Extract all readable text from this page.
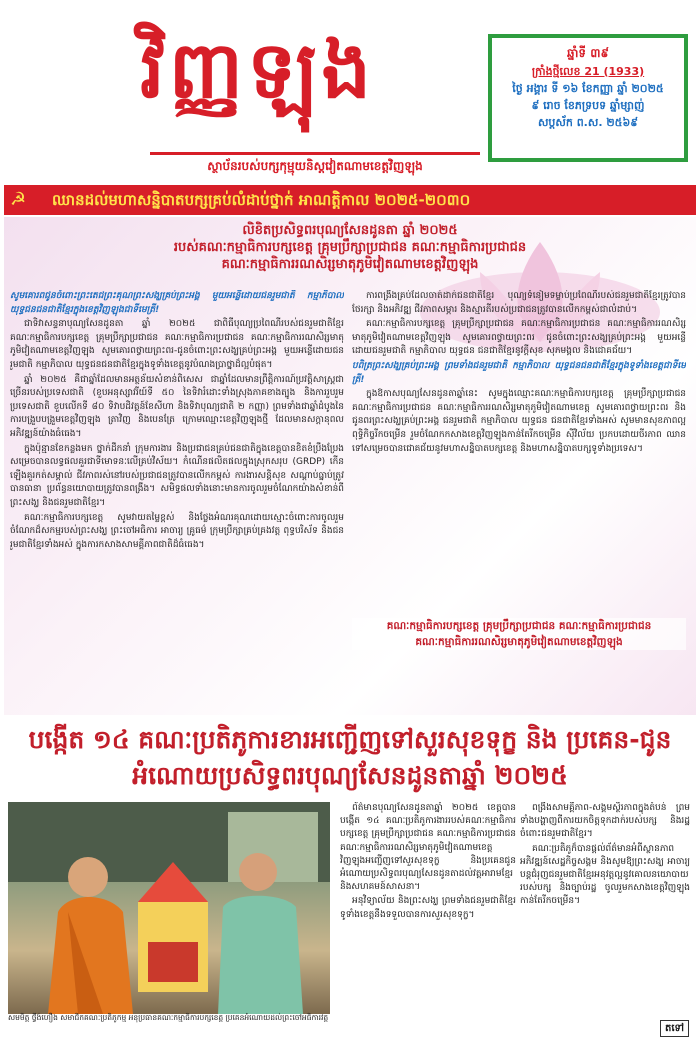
វិញ្ញឡុង
ស្ថាប័នរបស់បក្សកុម្មុយនិស្តវៀតណាមខេត្តវិញឡុង
ឆ្នាំទី ៣៩
ក្រាំងថ្មីលេខ 21 (1933)
ថ្ងៃ អង្គារ ទី ១៦ ខែកញ្ញា ឆ្នាំ ២០២៥
៩ រោច ខែភទ្របទ ឆ្នាំម្សាញ់
សប្តស័ក ព.ស. ២៥៦៩
ឈានដល់មហាសន្និបាតបក្សគ្រប់លំដាប់ថ្នាក់ អាណត្តិកាល ២០២៥-២០៣០
☭
លិខិតប្រសិទ្ធពរបុណ្យសែនដូនតា ឆ្នាំ ២០២៥
របស់គណៈកម្មាធិការបក្សខេត្ត គ្រុមប្រឹក្សាប្រជាជន គណៈកម្មាធិការប្រជាជន
គណៈកម្មាធិការរណសិរ្សមាតុភូមិវៀតណាមខេត្តវិញឡុង

សូមគោរពជូនចំពោះព្រះតេជព្រះគុណព្រះសង្ឃគ្រប់ព្រះអង្គ មួយអន្លើដោយជនរួមជាតិ កម្មាភិបាល យុទ្ធជនជនជាតិខ្មែរក្នុងខេត្តវិញឡុងជាទីមេត្រី!

ជាទិវាសន្ទនាបុណ្យសែនដូនតា ឆ្នាំ ២០២៥ ជាពិធីបុណ្យប្រពៃណីរបស់ជនរួមជាតិខ្មែរ គណៈកម្មាធិការបក្សខេត្ត គ្រុមប្រឹក្សាប្រជាជន គណៈកម្មាធិការប្រជាជន គណៈកម្មាធិការរណសិរ្សមាតុភូមិវៀតណាមខេត្តវិញឡុង សូមគោរពថ្វាយព្រះពរ-ជូនចំពោះព្រះសង្ឃគ្រប់ព្រះអង្គ មួយអន្លើដោយជនរួមជាតិ កម្មាភិបាល យុទ្ធជនជនជាតិខ្មែរក្នុងទូទាំងខេត្តនូវបំណងប្រាថ្នាដ៏ល្អបំផុត។

ឆ្នាំ ២០២៥ គឺជាឆ្នាំដែលមានអត្ថន័យសំខាន់ពិសេស ជាឆ្នាំដែលមានព្រឹត្តិការណ៍ប្រវត្តិសាស្ត្រជាច្រើនរបស់ប្រទេសជាតិ (ខួបអនុស្សាវរីយ៍ទី ៥០ នៃទិវារំដោះទាំងស្រុងភាគខាងត្បូង និងការរួបរួមប្រទេសជាតិ ខួបលើកទី ៨០ ទិវាបដិវត្តន៍ខែសីហា និងទិវាបុណ្យជាតិ ២ កញ្ញា) ព្រមទាំងជាឆ្នាំដំបូងនៃការបង្រួបបង្រួមខេត្តវិញឡុង ត្រាវិញ និងបេនត្រែ ក្រោមឈ្មោះខេត្តវិញឡុងថ្មី ដែលមានសក្តានុពលអភិវឌ្ឍន៍យ៉ាងធំធេង។

ក្នុងប៉ុន្មានខែកន្លងមក ថ្នាក់ដឹកនាំ ក្រុមការងារ និងប្រជាជនគ្រប់ជនជាតិក្នុងខេត្តបានខិតខំប្រឹងប្រែងសម្រេចបានលទ្ធផលគួរជាទីមោទនៈលើគ្រប់វិស័យ។ កំណើនផលិតផលក្នុងស្រុកសរុប (GRDP) កើនឡើងគួរកត់សម្គាល់ ជីវភាពរស់នៅរបស់ប្រជាជនត្រូវបានលើកកម្ពស់ ការងារសន្តិសុខ សណ្តាប់ធ្នាប់ត្រូវបានធានា ប្រព័ន្ធនយោបាយត្រូវបានពង្រឹង។ សមិទ្ធផលទាំងនោះមានការចូលរួមចំណែកយ៉ាងសំខាន់ពីព្រះសង្ឃ និងជនរួមជាតិខ្មែរ។

គណៈកម្មាធិការបក្សខេត្ត សូមវាយតម្លៃខ្ពស់ និងថ្លែងអំណរគុណដោយស្មោះចំពោះការចូលរួមចំណែកដ៏សកម្មរបស់ព្រះសង្ឃ ព្រះចៅអធិការ អាចារ្យ គ្រូធម៌ ក្រុមប្រឹក្សាគ្រប់គ្រងវត្ត ពុទ្ធបរិស័ទ និងជនរួមជាតិខ្មែរទាំងអស់ ក្នុងការកសាងសាមគ្គីភាពជាតិដ៏ធំធេង។

ការពង្រឹងគ្រប់ដែលចាត់ដាក់ជនជាតិខ្មែរ បុណ្យទំនៀមទម្លាប់ប្រពៃណីរបស់ជនរួមជាតិខ្មែរត្រូវបានថែរក្សា និងអភិវឌ្ឍ ជីវភាពសម្ភារ និងស្មារតីរបស់ប្រជាជនត្រូវបានលើកកម្ពស់ជាលំដាប់។

គណៈកម្មាធិការបក្សខេត្ត គ្រុមប្រឹក្សាប្រជាជន គណៈកម្មាធិការប្រជាជន គណៈកម្មាធិការរណសិរ្សមាតុភូមិវៀតណាមខេត្តវិញឡុង សូមគោរពថ្វាយព្រះពរ ជូនចំពោះព្រះសង្ឃគ្រប់ព្រះអង្គ មួយអន្លើដោយជនរួមជាតិ កម្មាភិបាល យុទ្ធជន ជនជាតិខ្មែរនូវក្តីសុខ សុភមង្គល និងជោគជ័យ។

បពិត្រព្រះសង្ឃគ្រប់ព្រះអង្គ ព្រមទាំងជនរួមជាតិ កម្មាភិបាល យុទ្ធជនជនជាតិខ្មែរក្នុងទូទាំងខេត្តជាទីមេត្រី!

ក្នុងឱកាសបុណ្យសែនដូនតាឆ្នាំនេះ សូមក្នុងឈ្មោះគណៈកម្មាធិការបក្សខេត្ត គ្រុមប្រឹក្សាប្រជាជន គណៈកម្មាធិការប្រជាជន គណៈកម្មាធិការរណសិរ្សមាតុភូមិវៀតណាមខេត្ត សូមគោរពថ្វាយព្រះពរ និងជូនពរព្រះសង្ឃគ្រប់ព្រះអង្គ ជនរួមជាតិ កម្មាភិបាល យុទ្ធជន ជនជាតិខ្មែរទាំងអស់ សូមមានសុខភាពល្អ ពុទ្ធិកិច្ចរីកចម្រើន រួមចំណែកកសាងខេត្តវិញឡុងកាន់តែរីកចម្រើន ស៊ីវិល័យ ប្រកបដោយចីរភាព ឈានទៅសម្រេចបានជោគជ័យនូវមហាសន្និបាតបក្សខេត្ត និងមហាសន្និបាតបក្សទូទាំងប្រទេស។

គណៈកម្មាធិការបក្សខេត្ត គ្រុមប្រឹក្សាប្រជាជន គណៈកម្មាធិការប្រជាជន
គណៈកម្មាធិការរណសិរ្សមាតុភូមិវៀតណាមខេត្តវិញឡុង
បង្កើត ១៤ គណៈប្រតិភូការខារអញ្ជើញទៅសួរសុខទុក្ខ និង ប្រគេន-ជូនអំណោយប្រសិទ្ធពរបុណ្យសែនដូនតាឆ្នាំ ២០២៥
សមមិត្ត ថ្វីង់ហឿង សមាជិកគណៈប្រតិភូកម្ម អនុប្រធានគណៈកម្មាធិការបក្សខេត្ត ប្រគេនអំណោយដល់ព្រះចៅអធិការវត្ត

ព័ត៌មានបុណ្យសែនដូនតាឆ្នាំ ២០២៥ ខេត្តបានបង្កើត ១៤ គណៈប្រតិភូការងាររបស់គណៈកម្មាធិការបក្សខេត្ត គ្រុមប្រឹក្សាប្រជាជន គណៈកម្មាធិការប្រជាជន គណៈកម្មាធិការរណសិរ្សមាតុភូមិវៀតណាមខេត្តវិញឡុងអញ្ជើញទៅសួរសុខទុក្ខ និងប្រគេនជូនអំណោយប្រសិទ្ធពរបុណ្យសែនដូនតាដល់វត្តអារាមខ្មែរ និងសហគមន៍សាសនា។

អនុវិទ្យាល័យ និងព្រះសង្ឃ ព្រមទាំងជនរួមជាតិខ្មែរទូទាំងខេត្តនឹងទទួលបានការសួរសុខទុក្ខ។

ពង្រឹងសាមគ្គីភាព-សង្គមស្ថិរភាពក្នុងតំបន់ ព្រមទាំងបង្ហាញពីការយកចិត្តទុកដាក់របស់បក្ស និងរដ្ឋ ចំពោះជនរួមជាតិខ្មែរ។

គណៈប្រតិភូក៏បានផ្តល់ព័ត៌មានអំពីស្ថានភាពអភិវឌ្ឍន៍សេដ្ឋកិច្ចសង្គម និងសូមឱ្យព្រះសង្ឃ អាចារ្យ បន្តជំរុញជនរួមជាតិខ្មែរអនុវត្តល្អនូវគោលនយោបាយរបស់បក្ស និងច្បាប់រដ្ឋ ចូលរួមកសាងខេត្តវិញឡុងកាន់តែរីកចម្រើន។

តទៅ
